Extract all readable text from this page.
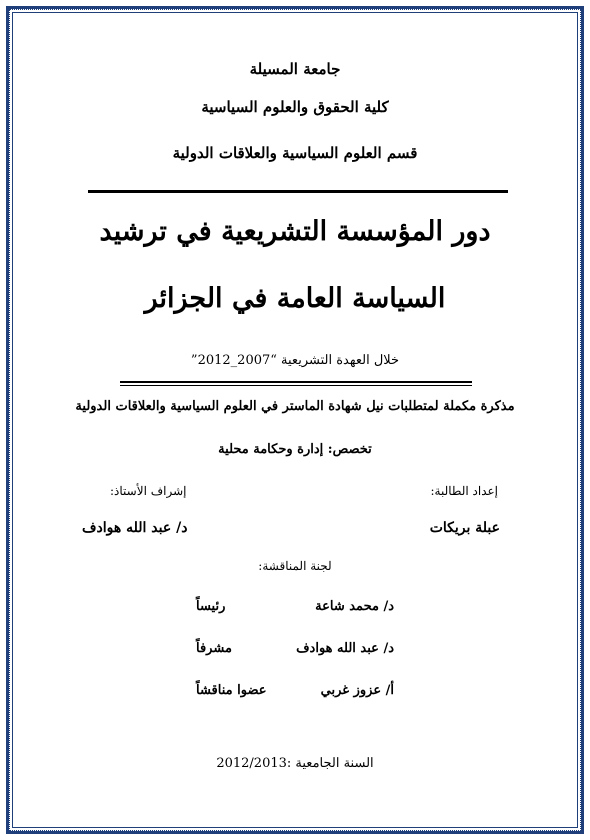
جامعة المسيلة
كلية الحقوق والعلوم السياسية
قسم العلوم السياسية والعلاقات الدولية
دور المؤسسة التشريعية في ترشيد
السياسة العامة في الجزائر
خلال العهدة التشريعية “2007_2012”
مذكرة مكملة لمتطلبات نيل شهادة الماستر في العلوم السياسية والعلاقات الدولية
تخصص: إدارة وحكامة محلية
إعداد الطالبة:
إشراف الأستاذ:
عبلة بريكات
د/ عبد الله هوادف
لجنة المناقشة:
د/ محمد شاعة
رئيساً
د/ عبد الله هوادف
مشرفاً
أ/ عزوز غربي
عضوا مناقشاً
السنة الجامعية :2012/2013
